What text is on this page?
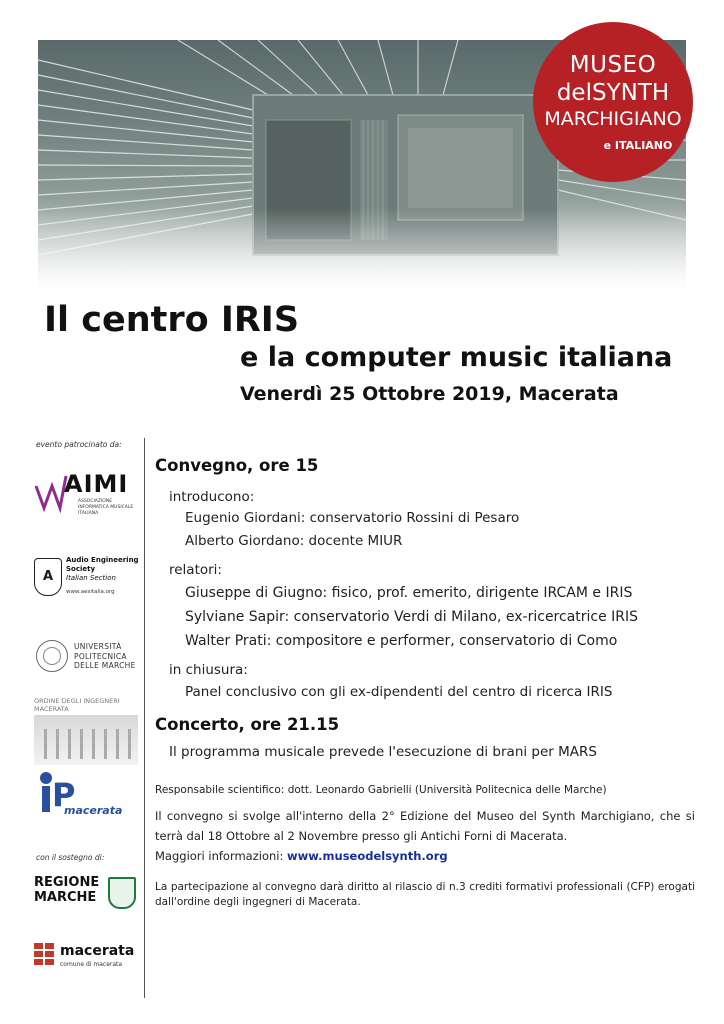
MUSEO
delSYNTH
MARCHIGIANO
e ITALIANO
Il centro IRIS
e la computer music italiana
Venerdì 25 Ottobre 2019, Macerata
evento patrocinato da:
AIMI
ASSOCIAZIONE INFORMATICA MUSICALE ITALIANA
A
Audio Engineering
Society
Italian Section
www.aesitalia.org
UNIVERSITÀ
POLITECNICA
DELLE MARCHE
ORDINE DEGLI INGEGNERI
MACERATA
P
macerata
con il sostegno di:
REGIONE
MARCHE
macerata
comune di macerata

Convegno, ore 15

introducono:

Eugenio Giordani: conservatorio Rossini di Pesaro

Alberto Giordano: docente MIUR

relatori:

Giuseppe di Giugno: fisico, prof. emerito, dirigente IRCAM e IRIS

Sylviane Sapir: conservatorio Verdi di Milano, ex-ricercatrice IRIS

Walter Prati: compositore e performer, conservatorio di Como

in chiusura:

Panel conclusivo con gli ex-dipendenti del centro di ricerca IRIS

Concerto, ore 21.15

Il programma musicale prevede l'esecuzione di brani per MARS

Responsabile scientifico: dott. Leonardo Gabrielli (Università Politecnica delle Marche)

Il convegno si svolge all'interno della 2° Edizione del Museo del Synth Marchigiano, che si terrà dal 18 Ottobre al 2 Novembre presso gli Antichi Forni di Macerata.

Maggiori informazioni: www.museodelsynth.org

La partecipazione al convegno darà diritto al rilascio di n.3 crediti formativi professionali (CFP) erogati dall'ordine degli ingegneri di Macerata.
